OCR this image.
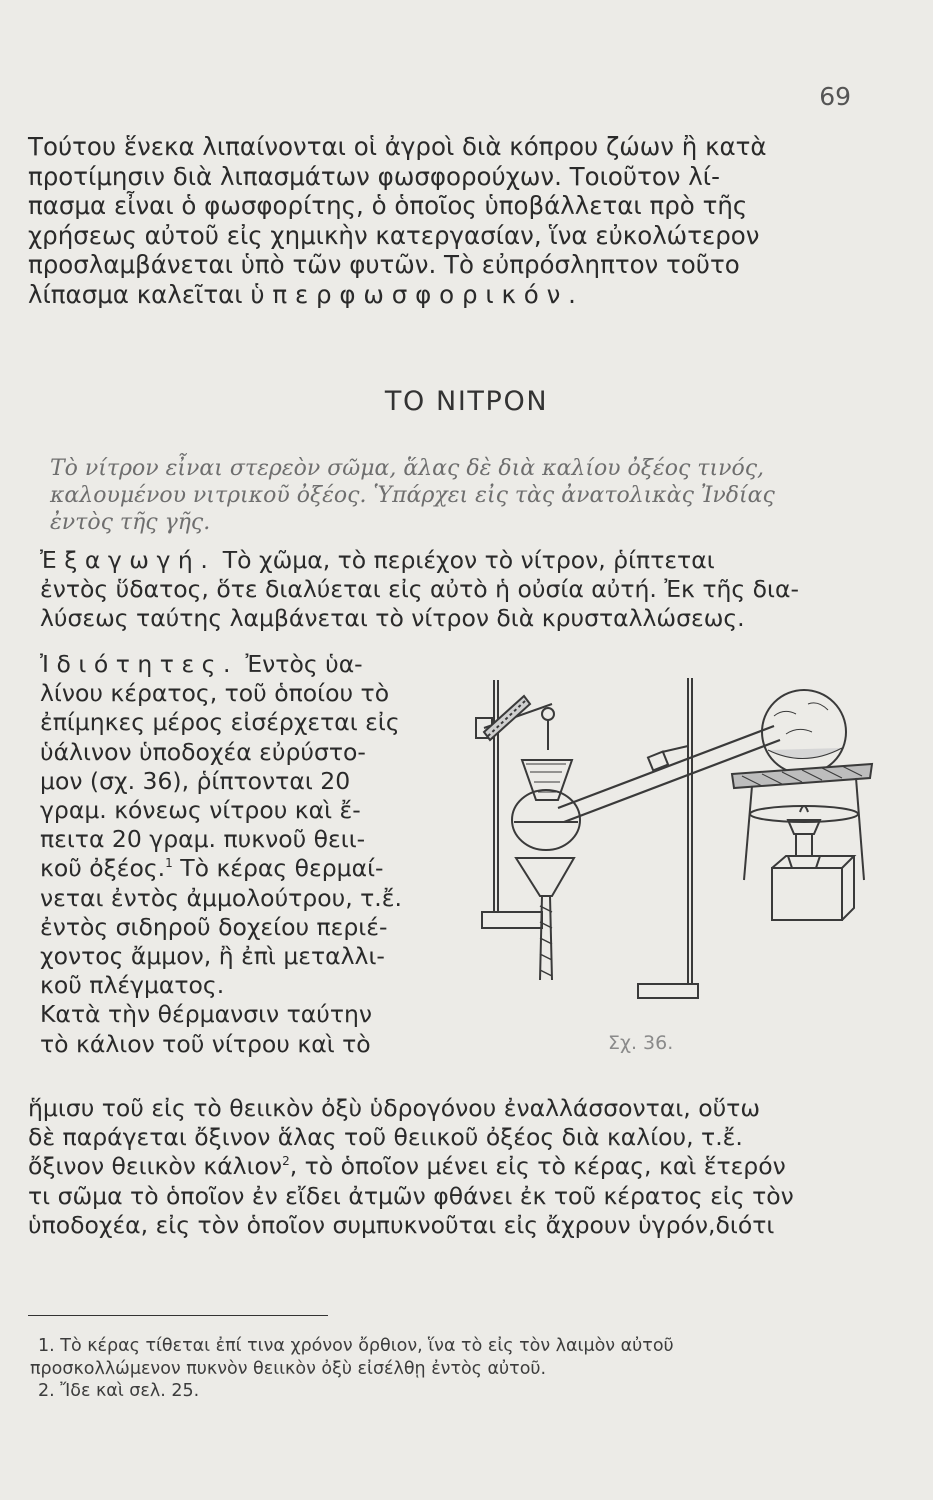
69
Τούτου ἕνεκα λιπαίνονται οἱ ἀγροὶ διὰ κόπρου ζώων ἢ κατὰ
προτίμησιν διὰ λιπασμάτων φωσφορούχων. Τοιοῦτον λί-
πασμα εἶναι ὁ φωσφορίτης, ὁ ὁποῖος ὑποβάλλεται πρὸ τῆς
χρήσεως αὐτοῦ εἰς χημικὴν κατεργασίαν, ἵνα εὐκολώτερον
προσλαμβάνεται ὑπὸ τῶν φυτῶν. Τὸ εὐπρόσληπτον τοῦτο
λίπασμα καλεῖται ὑπερφωσφορικόν.
ΤΟ ΝΙΤΡΟΝ
Τὸ νίτρον εἶναι στερεὸν σῶμα, ἅλας δὲ διὰ καλίου ὀξέος τινός,
καλουμένου νιτρικοῦ ὀξέος. Ὑπάρχει εἰς τὰς ἀνατολικὰς Ἰνδίας
ἐντὸς τῆς γῆς.
Ἐξαγωγή. Τὸ χῶμα, τὸ περιέχον τὸ νίτρον, ῥίπτεται
ἐντὸς ὕδατος, ὅτε διαλύεται εἰς αὐτὸ ἡ οὐσία αὐτή. Ἐκ τῆς δια-
λύσεως ταύτης λαμβάνεται τὸ νίτρον διὰ κρυσταλλώσεως.
Ἰδιότητες. Ἐντὸς ὑα-
λίνου κέρατος, τοῦ ὁποίου τὸ
ἐπίμηκες μέρος εἰσέρχεται εἰς
ὑάλινον ὑποδοχέα εὐρύστο-
μον (σχ. 36), ῥίπτονται 20
γραμ. κόνεως νίτρου καὶ ἔ-
πειτα 20 γραμ. πυκνοῦ θειι-
κοῦ ὀξέος.$^1$ Τὸ κέρας θερμαί-
νεται ἐντὸς ἀμμολούτρου, τ.ἔ.
ἐντὸς σιδηροῦ δοχείου περιέ-
χοντος ἄμμον, ἢ ἐπὶ μεταλλι-
κοῦ πλέγματος.
Κατὰ τὴν θέρμανσιν ταύτην
τὸ κάλιον τοῦ νίτρου καὶ τὸ	Σχ. 36.
ἥμισυ τοῦ εἰς τὸ θειικὸν ὀξὺ ὑδρογόνου ἐναλλάσσονται, οὕτω
δὲ παράγεται ὄξινον ἅλας τοῦ θειικοῦ ὀξέος διὰ καλίου, τ.ἔ.
ὄξινον θειικὸν κάλιον$^2$, τὸ ὁποῖον μένει εἰς τὸ κέρας, καὶ ἕτερόν
τι σῶμα τὸ ὁποῖον ἐν εἴδει ἀτμῶν φθάνει ἐκ τοῦ κέρατος εἰς τὸν
ὑποδοχέα, εἰς τὸν ὁποῖον συμπυκνοῦται εἰς ἄχρουν ὑγρόν,διότι
1. Τὸ κέρας τίθεται ἐπί τινα χρόνον ὄρθιον, ἵνα τὸ εἰς τὸν λαιμὸν αὐτοῦ
προσκολλώμενον πυκνὸν θειικὸν ὀξὺ εἰσέλθῃ ἐντὸς αὐτοῦ.
2. Ἴδε καὶ σελ. 25.
